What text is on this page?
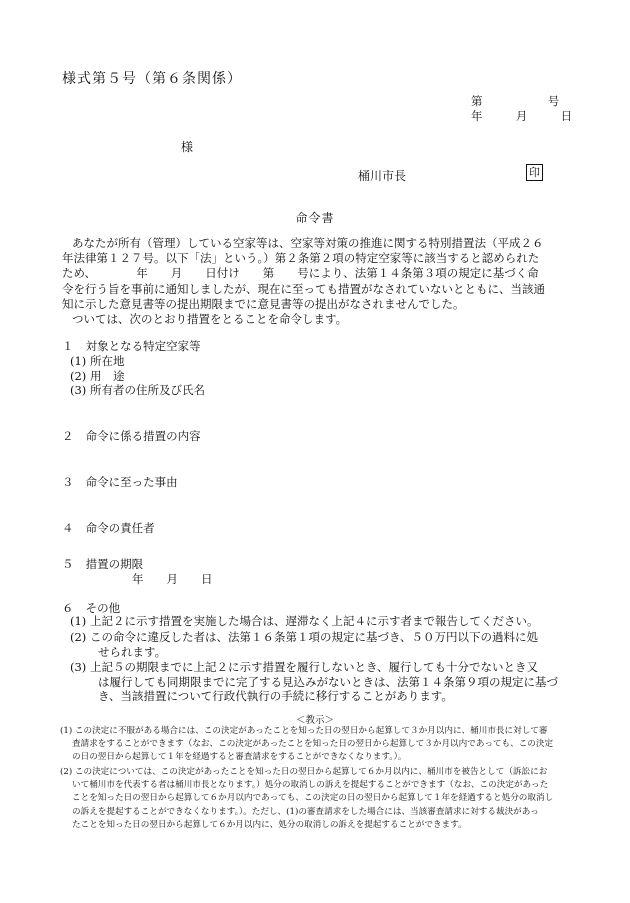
様式第５号（第６条関係）
第	号
年	月	日
様
桶川市長	印
命令書
あなたが所有（管理）している空家等は、空家等対策の推進に関する特別措置法（平成２６
年法律第１２７号。以下「法」という。）第２条第２項の特定空家等に該当すると認められた
ため、　　　　年　　月　　日付け　　第　　号により、法第１４条第３項の規定に基づく命
令を行う旨を事前に通知しましたが、現在に至っても措置がなされていないとともに、当該通
知に示した意見書等の提出期限までに意見書等の提出がなされませんでした。
ついては、次のとおり措置をとることを命令します。
１ 対象となる特定空家等
(1) 所在地
(2) 用　途
(3) 所有者の住所及び氏名
２ 命令に係る措置の内容
３ 命令に至った事由
４ 命令の責任者
５ 措置の期限
年　　月　　日
６ その他
(1) 上記２に示す措置を実施した場合は、遅滞なく上記４に示す者まで報告してください。
(2) この命令に違反した者は、法第１６条第１項の規定に基づき、５０万円以下の過料に処
せられます。
(3) 上記５の期限までに上記２に示す措置を履行しないとき、履行しても十分でないとき又
は履行しても同期限までに完了する見込みがないときは、法第１４条第９項の規定に基づ
き、当該措置について行政代執行の手続に移行することがあります。
＜教示＞
(1) この決定に不服がある場合には、この決定があったことを知った日の翌日から起算して３か月以内に、桶川市長に対して審
査請求をすることができます（なお、この決定があったことを知った日の翌日から起算して３か月以内であっても、この決定
の日の翌日から起算して１年を経過すると審査請求をすることができなくなります。）。
(2) この決定については、この決定があったことを知った日の翌日から起算して６か月以内に、桶川市を被告として（訴訟にお
いて桶川市を代表する者は桶川市長となります。）処分の取消しの訴えを提起することができます（なお、この決定があった
ことを知った日の翌日から起算して６か月以内であっても、この決定の日の翌日から起算して１年を経過すると処分の取消し
の訴えを提起することができなくなります。）。ただし、(1)の審査請求をした場合には、当該審査請求に対する裁決があっ
たことを知った日の翌日から起算して６か月以内に、処分の取消しの訴えを提起することができます。
